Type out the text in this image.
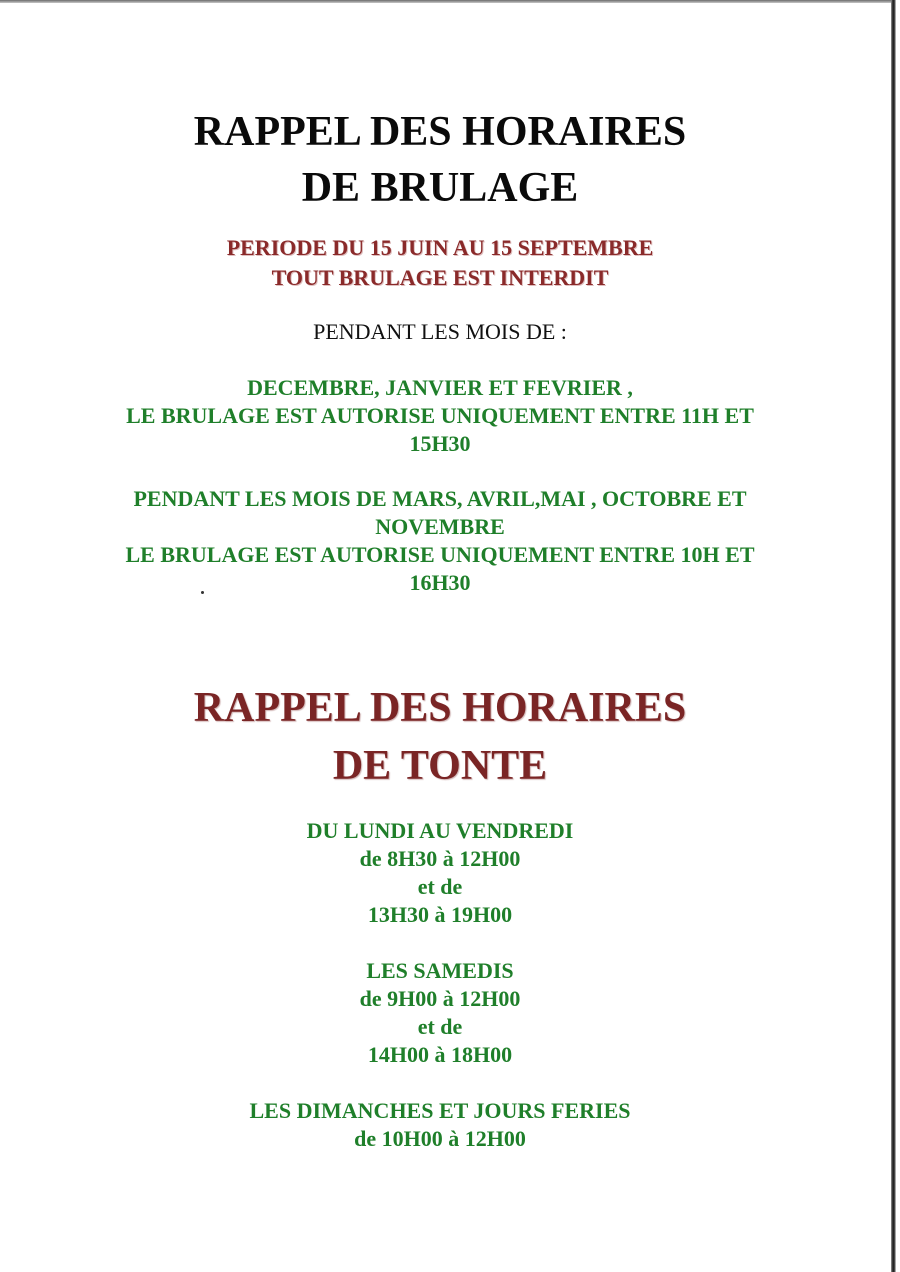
RAPPEL DES HORAIRES
DE BRULAGE
PERIODE DU 15 JUIN AU 15 SEPTEMBRE
TOUT BRULAGE EST INTERDIT
PENDANT LES MOIS DE :
DECEMBRE, JANVIER ET FEVRIER ,
LE BRULAGE EST AUTORISE UNIQUEMENT ENTRE 11H ET
15H30
PENDANT LES MOIS DE MARS, AVRIL,MAI , OCTOBRE ET
NOVEMBRE
LE BRULAGE EST AUTORISE UNIQUEMENT ENTRE 10H ET
16H30
RAPPEL DES HORAIRES
DE TONTE
DU LUNDI AU VENDREDI
de 8H30 à 12H00
et de
13H30 à 19H00
LES SAMEDIS
de 9H00 à 12H00
et de
14H00 à 18H00
LES DIMANCHES ET JOURS FERIES
de 10H00 à 12H00
